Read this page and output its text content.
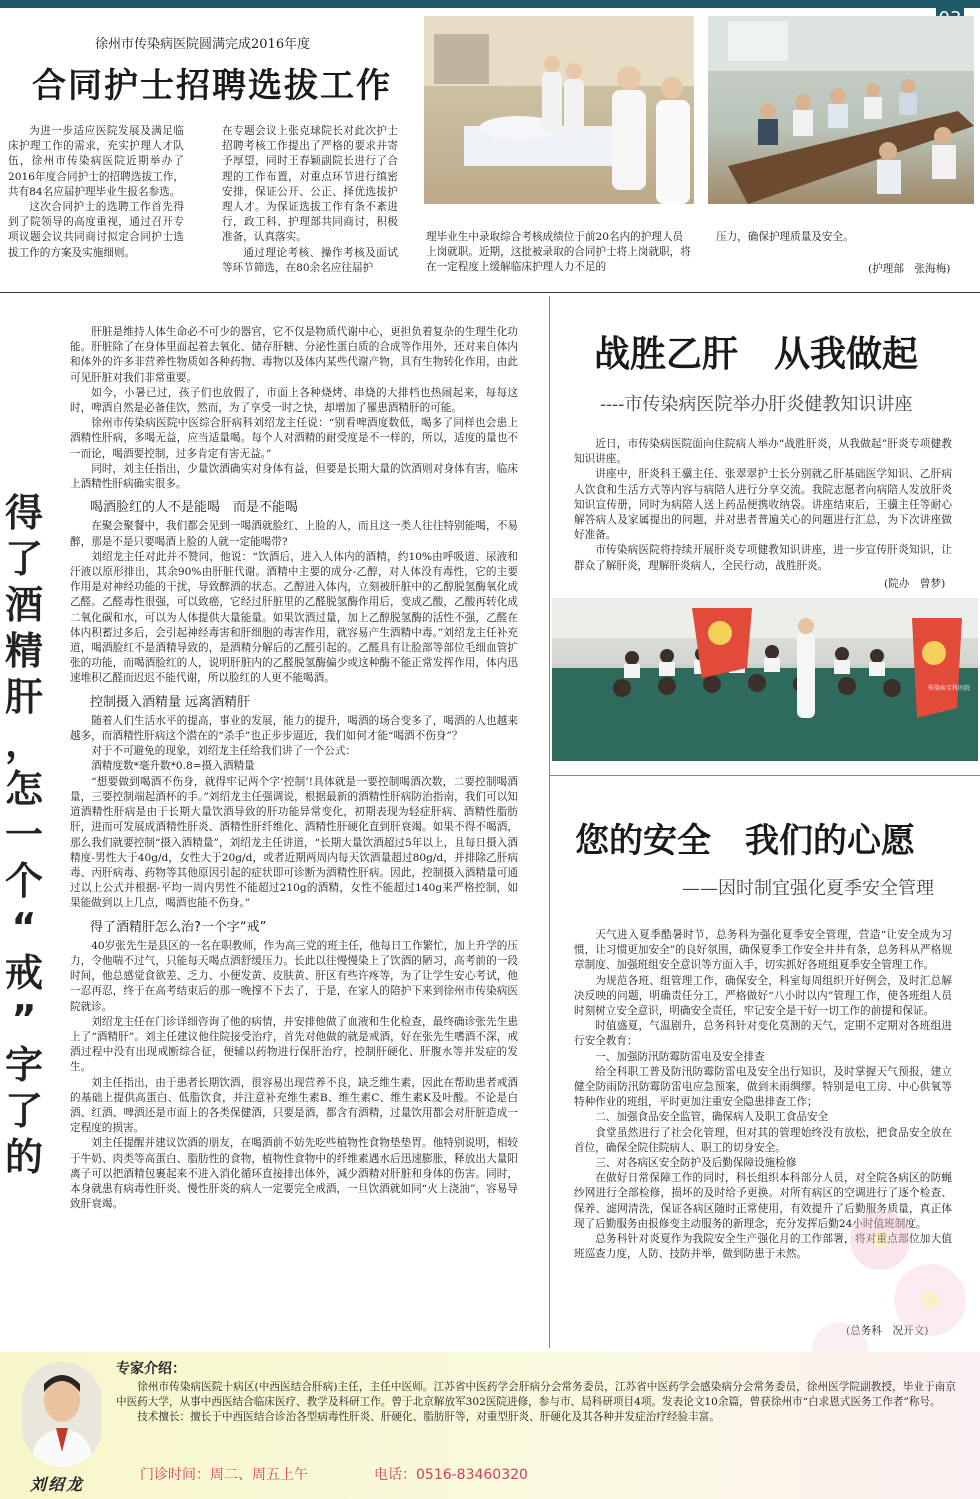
徐州市传染病医院圆满完成2016年度
合同护士招聘选拔工作

为进一步适应医院发展及满足临床护理工作的需求，充实护理人才队伍，徐州市传染病医院近期举办了2016年度合同护士的招聘选拔工作，共有84名应届护理毕业生报名参选。

这次合同护士的选聘工作首先得到了院领导的高度重视，通过召开专项议题会议共同商讨拟定合同护士选拔工作的方案及实施细则。

在专题会议上张克球院长对此次护士招聘考核工作提出了严格的要求并寄予厚望，同时王春颖副院长进行了合理的工作布置，对重点环节进行缜密安排，保证公开、公正、择优选拔护理人才。为保证选拔工作有条不紊进行，政工科、护理部共同商讨，积极准备，认真落实。

通过理论考核、操作考核及面试等环节筛选，在80余名应往届护

理毕业生中录取综合考核成绩位于前20名内的护理人员上岗就职。近期，这批被录取的合同护士将上岗就职，将在一定程度上缓解临床护理人力不足的
压力，确保护理质量及安全。
(护理部　张海梅)
得
了
酒
精
肝
，
怎
一
个
“
戒
”
字
了
的

肝脏是维持人体生命必不可少的器官，它不仅是物质代谢中心，更担负着复杂的生理生化功能。肝脏除了在身体里面起着去氧化、储存肝糖、分泌性蛋白质的合成等作用外，还对来自体内和体外的许多非营养性物质如各种药物、毒物以及体内某些代谢产物，具有生物转化作用，由此可见肝脏对我们非常重要。

如今，小暑已过，孩子们也放假了，市面上各种烧烤、串烧的大排档也热闹起来，每每这时，啤酒自然是必备佳饮，然而，为了享受一时之快，却增加了罹患酒精肝的可能。

徐州市传染病医院中医综合肝病科刘绍龙主任说：“别看啤酒度数低，喝多了同样也会患上酒精性肝病，多喝无益，应当适量喝。每个人对酒精的耐受度是不一样的，所以，适度的量也不一而论，喝酒要控制，过多肯定有害无益。”

同时，刘主任指出，少量饮酒确实对身体有益，但要是长期大量的饮酒则对身体有害，临床上酒精性肝病确实很多。

喝酒脸红的人不是能喝　而是不能喝

在聚会聚餐中，我们都会见到一喝酒就脸红、上脸的人，而且这一类人往往特别能喝，不易醉，那是不是只要喝酒上脸的人就一定能喝带?

刘绍龙主任对此并不赞同，他说：“饮酒后，进入人体内的酒精，约10%由呼吸道、尿液和汗液以原形排出，其余90%由肝脏代谢。酒精中主要的成分-乙醇，对人体没有毒性，它的主要作用是对神经功能的干扰，导致醉酒的状态。乙醇进入体内，立刻被肝脏中的乙醇脱氢酶氧化成乙醛。乙醛毒性很强，可以致癌，它经过肝脏里的乙醛脱氢酶作用后，变成乙酸，乙酸再转化成二氧化碳和水，可以为人体提供大量能量。如果饮酒过量，加上乙醇脱氢酶的活性不强，乙醛在体内积蓄过多后，会引起神经毒害和肝细胞的毒害作用，就容易产生酒精中毒。”刘绍龙主任补充道，喝酒脸红不是酒精导致的，是酒精分解后的乙醛引起的。乙醛具有让脸部等部位毛细血管扩张的功能，而喝酒脸红的人，说明肝脏内的乙醛脱氢酶偏少或这种酶不能正常发挥作用，体内迅速堆积乙醛而迟迟不能代谢，所以脸红的人更不能喝酒。

控制摄入酒精量 远离酒精肝

随着人们生活水平的提高，事业的发展，能力的提升，喝酒的场合变多了，喝酒的人也越来越多，而酒精性肝病这个潜在的“杀手”也正步步逼近，我们如何才能“喝酒不伤身”？

对于不可避免的现象，刘绍龙主任给我们讲了一个公式：

酒精度数*毫升数*0.8=摄入酒精量

“想要做到喝酒不伤身，就得牢记两个字‘控制’!具体就是一要控制喝酒次数，二要控制喝酒量，三要控制端起酒杯的手。”刘绍龙主任强调说，根据最新的酒精性肝病防治指南，我们可以知道酒精性肝病是由于长期大量饮酒导致的肝功能异常变化，初期表现为轻症肝病、酒精性脂肪肝，进而可发展成酒精性肝炎、酒精性肝纤维化、酒精性肝硬化直到肝衰竭。如果不得不喝酒，那么我们就要控制“摄入酒精量”，刘绍龙主任讲道，“长期大量饮酒超过5年以上，且每日摄入酒精度-男性大于40g/d，女性大于20g/d，或者近期两周内每天饮酒量超过80g/d，并排除乙肝病毒、丙肝病毒、药物等其他原因引起的症状即可诊断为酒精性肝病。因此，控制摄入酒精量可通过以上公式并根据-平均一周内男性不能超过210g的酒精，女性不能超过140g来严格控制，如果能做到以上几点，喝酒也能不伤身。”

得了酒精肝怎么治?一个字“戒”

40岁张先生是县区的一名在职教师，作为高三党的班主任，他每日工作繁忙，加上升学的压力，令他喘不过气，只能每天喝点酒舒缓压力。长此以往慢慢染上了饮酒的陋习，高考前的一段时间，他总感觉食欲差、乏力、小便发黄、皮肤黄、肝区有些许疼等，为了让学生安心考试，他一忍再忍，终于在高考结束后的那一晚撑不下去了，于是，在家人的陪护下来到徐州市传染病医院就诊。

刘绍龙主任在门诊详细咨询了他的病情，并安排他做了血液和生化检查，最终确诊张先生患上了“酒精肝”。刘主任建议他住院接受治疗，首先对他做的就是戒酒，好在张先生嗜酒不深，戒酒过程中没有出现戒断综合征，便辅以药物进行保肝治疗，控制肝硬化、肝腹水等并发症的发生。

刘主任指出，由于患者长期饮酒，很容易出现营养不良，缺乏维生素，因此在帮助患者戒酒的基础上提供高蛋白、低脂饮食，并注意补充维生素B、维生素C、维生素K及叶酸。不论是白酒、红酒、啤酒还是市面上的各类保健酒，只要是酒，都含有酒精，过量饮用都会对肝脏造成一定程度的损害。

刘主任提醒并建议饮酒的朋友，在喝酒前不妨先吃些植物性食物垫垫胃。他特别说明，相较于牛奶、肉类等高蛋白、脂肪性的食物，植物性食物中的纤维素遇水后迅速膨胀，释放出大量阳离子可以把酒精包裹起来不进入消化循环直接排出体外，减少酒精对肝脏和身体的伤害。同时，本身就患有病毒性肝炎、慢性肝炎的病人一定要完全戒酒，一旦饮酒就如同“火上浇油”，容易导致肝衰竭。

战胜乙肝　从我做起
----市传染病医院举办肝炎健教知识讲座

近日，市传染病医院面向住院病人举办“战胜肝炎，从我做起”肝炎专项健教知识讲座。

讲座中，肝炎科王骥主任、张翠翠护士长分别就乙肝基础医学知识、乙肝病人饮食和生活方式等内容与病陪人进行分享交流。我院志愿者向病陪人发放肝炎知识宣传册，同时为病陪人送上药品便携收纳袋。讲座结束后，王骥主任等耐心解答病人及家属提出的问题，并对患者普遍关心的问题进行汇总，为下次讲座做好准备。

市传染病医院将持续开展肝炎专项健教知识讲座，进一步宣传肝炎知识，让群众了解肝炎，理解肝炎病人，全民行动，战胜肝炎。

(院办　曾梦)
传染病专科医院
您的安全　我们的心愿
——因时制宜强化夏季安全管理

天气进入夏季酷暑时节，总务科为强化夏季安全管理，营造“让安全成为习惯，让习惯更加安全”的良好氛围，确保夏季工作安全井井有条，总务科从严格规章制度、加强班组安全意识等方面入手，切实抓好各班组夏季安全管理工作。

为规范各班、组管理工作，确保安全，科室每周组织开好例会，及时汇总解决反映的问题，明确责任分工，严格做好“八小时以内”管理工作，使各班组人员时刻树立安全意识，明确安全责任，牢记安全是干好一切工作的前提和保证。

时值盛夏，气温剧升，总务科针对变化莫测的天气，定期不定期对各班组进行安全教育：

一、加强防汛防霉防雷电及安全排查

给全科职工普及防汛防霉防雷电及安全出行知识，及时掌握天气预报，建立健全防雨防汛防霉防雷电应急预案，做到未雨绸缪。特别是电工房、中心供氧等特种作业的班组，平时更加注重安全隐患排查工作；

二、加强食品安全监管，确保病人及职工食品安全

食堂虽然进行了社会化管理，但对其的管理始终没有放松，把食品安全放在首位，确保全院住院病人、职工的切身安全。

三、对各病区安全防护及后勤保障设施检修

在做好日常保障工作的同时，科长组织本科部分人员，对全院各病区的防蝇纱网进行全部检修，损坏的及时给予更换。对所有病区的空调进行了逐个检查、保养、滤网清洗，保证各病区随时正常使用，有效提升了后勤服务质量，真正体现了后勤服务由报修变主动服务的新理念，充分发挥后勤24小时值班制度。

总务科针对炎夏作为我院安全生产强化月的工作部署，将对重点部位加大值班巡查力度，人防、技防并举，做到防患于未然。

(总务科　况开文)
刘绍龙
专家介绍：

徐州市传染病医院十病区(中西医结合肝病)主任，主任中医师。江苏省中医药学会肝病分会常务委员，江苏省中医药学会感染病分会常务委员，徐州医学院副教授，毕业于南京中医药大学，从事中西医结合临床医疗、教学及科研工作。曾于北京解放军302医院进修，参与市、局科研项目4项。发表论文10余篇，曾获徐州市“白求恩式医务工作者”称号。

技术擅长：擅长于中西医结合诊治各型病毒性肝炎、肝硬化、脂肪肝等，对重型肝炎、肝硬化及其各种并发症治疗经验丰富。

门诊时间：周二、周五上午	电话：0516-83460320
